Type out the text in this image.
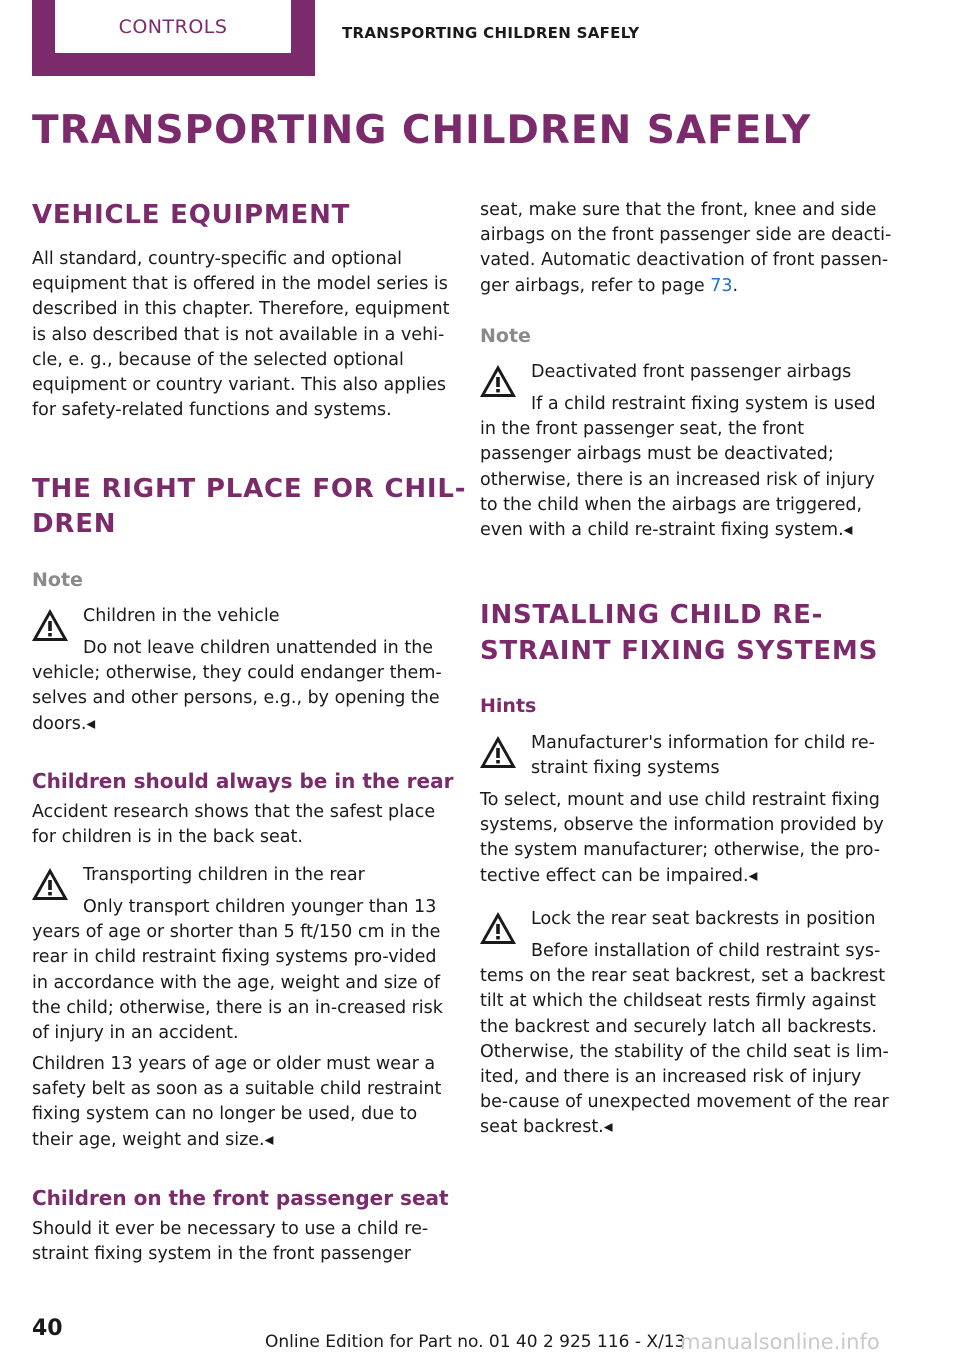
CONTROLS	TRANSPORTING CHILDREN SAFELY
TRANSPORTING CHILDREN SAFELY
VEHICLE EQUIPMENT

All standard, country-specific and optional equipment that is offered in the model series is described in this chapter. Therefore, equipment is also described that is not available in a vehi-cle, e. g., because of the selected optional equipment or country variant. This also applies for safety-related functions and systems.

THE RIGHT PLACE FOR CHIL-
DREN
Note
Children in the vehicle

Do not leave children unattended in the vehicle; otherwise, they could endanger them-selves and other persons, e.g., by opening the doors.◂

Children should always be in the rear

Accident research shows that the safest place for children is in the back seat.

Transporting children in the rear

Only transport children younger than 13 years of age or shorter than 5 ft/150 cm in the rear in child restraint fixing systems pro-vided in accordance with the age, weight and size of the child; otherwise, there is an in-creased risk of injury in an accident.

Children 13 years of age or older must wear a safety belt as soon as a suitable child restraint fixing system can no longer be used, due to their age, weight and size.◂

Children on the front passenger seat

Should it ever be necessary to use a child re-straint fixing system in the front passenger

seat, make sure that the front, knee and side airbags on the front passenger side are deacti-vated. Automatic deactivation of front passen-ger airbags, refer to page 73.

Note
Deactivated front passenger airbags

If a child restraint fixing system is used in the front passenger seat, the front passenger airbags must be deactivated; otherwise, there is an increased risk of injury to the child when the airbags are triggered, even with a child re-straint fixing system.◂

INSTALLING CHILD RE-
STRAINT FIXING SYSTEMS
Hints
Manufacturer's information for child re-straint fixing systems

To select, mount and use child restraint fixing systems, observe the information provided by the system manufacturer; otherwise, the pro-tective effect can be impaired.◂

Lock the rear seat backrests in position

Before installation of child restraint sys-tems on the rear seat backrest, set a backrest tilt at which the childseat rests firmly against the backrest and securely latch all backrests. Otherwise, the stability of the child seat is lim-ited, and there is an increased risk of injury be-cause of unexpected movement of the rear seat backrest.◂

40
Online Edition for Part no. 01 40 2 925 116 - X/13
manualsonline.info
